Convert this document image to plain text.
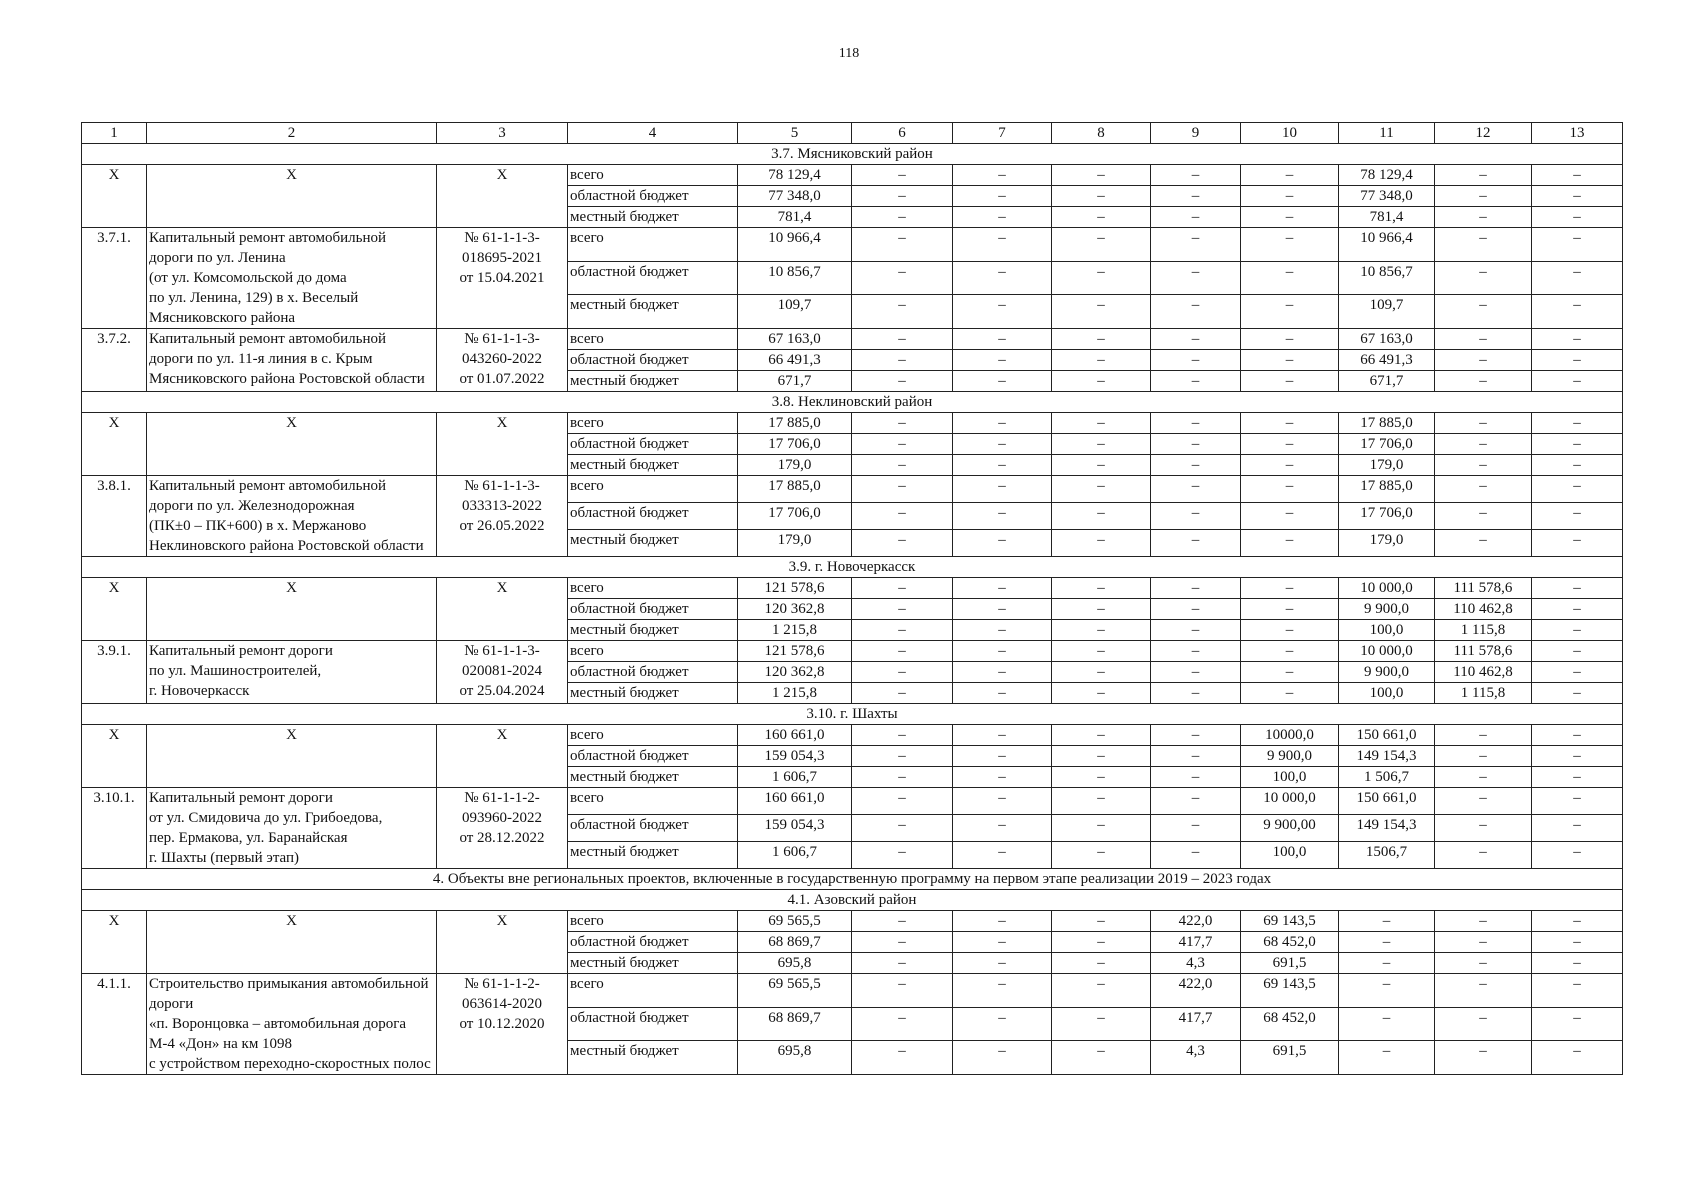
118
1	2	3	4	5	6	7	8	9	10	11	12	13
3.7. Мясниковский район												
X	X	X	всего	78 129,4	–	–	–	–	–	78 129,4	–	–
			областной бюджет	77 348,0	–	–	–	–	–	77 348,0	–	–
			местный бюджет	781,4	–	–	–	–	–	781,4	–	–
3.7.1.	Капитальный ремонт автомобильной дороги по ул. Ленина
(от ул. Комсомольской до дома
по ул. Ленина, 129) в х. Веселый Мясниковского района	№ 61-1-1-3-
018695-2021
от 15.04.2021	всего	10 966,4	–	–	–	–	–	10 966,4	–	–
			областной бюджет	10 856,7	–	–	–	–	–	10 856,7	–	–
			местный бюджет	109,7	–	–	–	–	–	109,7	–	–
3.7.2.	Капитальный ремонт автомобильной дороги по ул. 11-я линия в с. Крым Мясниковского района Ростовской области	№ 61-1-1-3-
043260-2022
от 01.07.2022	всего	67 163,0	–	–	–	–	–	67 163,0	–	–
			областной бюджет	66 491,3	–	–	–	–	–	66 491,3	–	–
			местный бюджет	671,7	–	–	–	–	–	671,7	–	–
3.8. Неклиновский район												
X	X	X	всего	17 885,0	–	–	–	–	–	17 885,0	–	–
			областной бюджет	17 706,0	–	–	–	–	–	17 706,0	–	–
			местный бюджет	179,0	–	–	–	–	–	179,0	–	–
3.8.1.	Капитальный ремонт автомобильной дороги по ул. Железнодорожная
(ПК±0 – ПК+600) в х. Мержаново Неклиновского района Ростовской области	№ 61-1-1-3-
033313-2022
от 26.05.2022	всего	17 885,0	–	–	–	–	–	17 885,0	–	–
			областной бюджет	17 706,0	–	–	–	–	–	17 706,0	–	–
			местный бюджет	179,0	–	–	–	–	–	179,0	–	–
3.9. г. Новочеркасск												
X	X	X	всего	121 578,6	–	–	–	–	–	10 000,0	111 578,6	–
			областной бюджет	120 362,8	–	–	–	–	–	9 900,0	110 462,8	–
			местный бюджет	1 215,8	–	–	–	–	–	100,0	1 115,8	–
3.9.1.	Капитальный ремонт дороги
по ул. Машиностроителей,
г. Новочеркасск	№ 61-1-1-3-
020081-2024
от 25.04.2024	всего	121 578,6	–	–	–	–	–	10 000,0	111 578,6	–
			областной бюджет	120 362,8	–	–	–	–	–	9 900,0	110 462,8	–
			местный бюджет	1 215,8	–	–	–	–	–	100,0	1 115,8	–
3.10. г. Шахты												
X	X	X	всего	160 661,0	–	–	–	–	10000,0	150 661,0	–	–
			областной бюджет	159 054,3	–	–	–	–	9 900,0	149 154,3	–	–
			местный бюджет	1 606,7	–	–	–	–	100,0	1 506,7	–	–
3.10.1.	Капитальный ремонт дороги
от ул. Смидовича до ул. Грибоедова,
пер. Ермакова, ул. Баранайская
г. Шахты (первый этап)	№ 61-1-1-2-
093960-2022
от 28.12.2022	всего	160 661,0	–	–	–	–	10 000,0	150 661,0	–	–
			областной бюджет	159 054,3	–	–	–	–	9 900,00	149 154,3	–	–
			местный бюджет	1 606,7	–	–	–	–	100,0	1506,7	–	–
4. Объекты вне региональных проектов, включенные в государственную программу на первом этапе реализации 2019 – 2023 годах												
4.1. Азовский район												
X	X	X	всего	69 565,5	–	–	–	422,0	69 143,5	–	–	–
			областной бюджет	68 869,7	–	–	–	417,7	68 452,0	–	–	–
			местный бюджет	695,8	–	–	–	4,3	691,5	–	–	–
4.1.1.	Строительство примыкания автомобильной дороги
«п. Воронцовка – автомобильная дорога М-4 «Дон» на км 1098
с устройством переходно-скоростных полос	№ 61-1-1-2-
063614-2020
от 10.12.2020	всего	69 565,5	–	–	–	422,0	69 143,5	–	–	–
			областной бюджет	68 869,7	–	–	–	417,7	68 452,0	–	–	–
			местный бюджет	695,8	–	–	–	4,3	691,5	–	–	–
